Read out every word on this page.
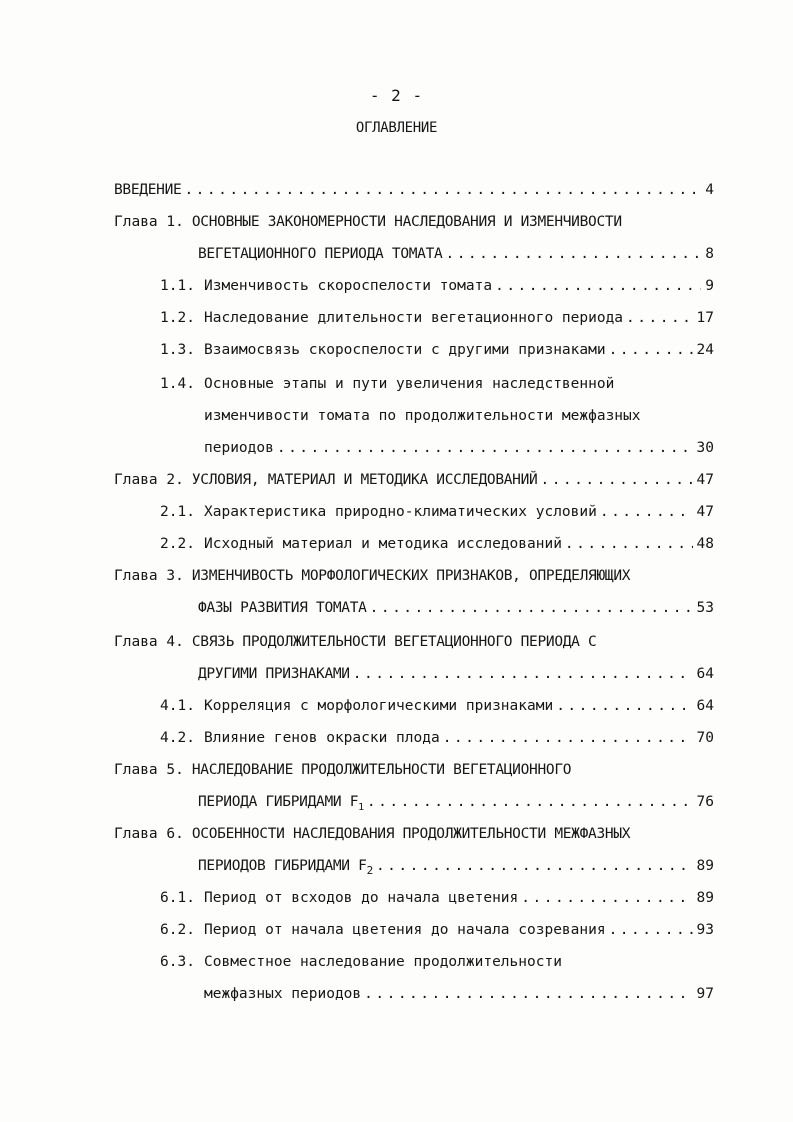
- 2 -
ОГЛАВЛЕНИЕ
ВВЕДЕНИЕ .....	4
Глава 1. ОСНОВНЫЕ ЗАКОНОМЕРНОСТИ НАСЛЕДОВАНИЯ И ИЗМЕНЧИВОСТИ
ВЕГЕТАЦИОННОГО ПЕРИОДА ТОМАТА .....	8
1.1. Изменчивость скороспелости томата .....	9
1.2. Наследование длительности вегетационного периода .....	17
1.3. Взаимосвязь скороспелости с другими признаками .....	24
1.4. Основные этапы и пути увеличения наследственной
изменчивости томата по продолжительности межфазных
периодов .....	30
Глава 2. УСЛОВИЯ, МАТЕРИАЛ И МЕТОДИКА ИССЛЕДОВАНИЙ .....	47
2.1. Характеристика природно-климатических условий .....	47
2.2. Исходный материал и методика исследований .....	48
Глава 3. ИЗМЕНЧИВОСТЬ МОРФОЛОГИЧЕСКИХ ПРИЗНАКОВ, ОПРЕДЕЛЯЮЩИХ
ФАЗЫ РАЗВИТИЯ ТОМАТА .....	53
Глава 4. СВЯЗЬ ПРОДОЛЖИТЕЛЬНОСТИ ВЕГЕТАЦИОННОГО ПЕРИОДА С
ДРУГИМИ ПРИЗНАКАМИ .....	64
4.1. Корреляция с морфологическими признаками .....	64
4.2. Влияние генов окраски плода .....	70
Глава 5. НАСЛЕДОВАНИЕ ПРОДОЛЖИТЕЛЬНОСТИ ВЕГЕТАЦИОННОГО
ПЕРИОДА ГИБРИДАМИ $F_1$ .....	76
Глава 6. ОСОБЕННОСТИ НАСЛЕДОВАНИЯ ПРОДОЛЖИТЕЛЬНОСТИ МЕЖФАЗНЫХ
ПЕРИОДОВ ГИБРИДАМИ $F_2$ .....	89
6.1. Период от всходов до начала цветения .....	89
6.2. Период от начала цветения до начала созревания .....	93
6.3. Совместное наследование продолжительности
межфазных периодов .....	97
